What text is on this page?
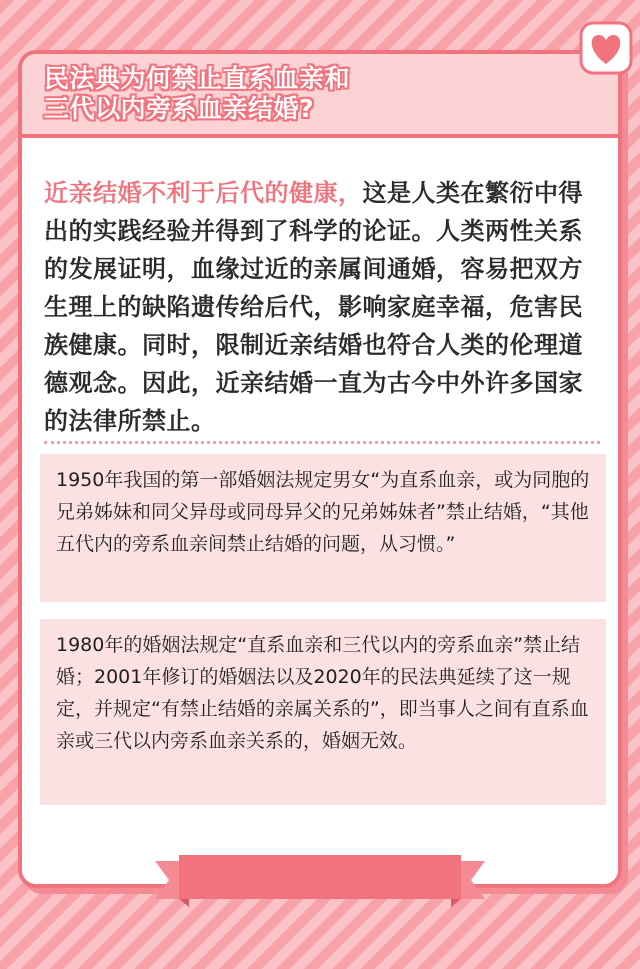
民法典为何禁止直系血亲和
三代以内旁系血亲结婚?

近亲结婚不利于后代的健康，这是人类在繁衍中得出的实践经验并得到了科学的论证。人类两性关系的发展证明，血缘过近的亲属间通婚，容易把双方生理上的缺陷遗传给后代，影响家庭幸福，危害民族健康。同时，限制近亲结婚也符合人类的伦理道德观念。因此，近亲结婚一直为古今中外许多国家的法律所禁止。

1950年我国的第一部婚姻法规定男女“为直系血亲，或为同胞的兄弟姊妹和同父异母或同母异父的兄弟姊妹者”禁止结婚，“其他五代内的旁系血亲间禁止结婚的问题，从习惯。”

1980年的婚姻法规定“直系血亲和三代以内的旁系血亲”禁止结婚；2001年修订的婚姻法以及2020年的民法典延续了这一规定，并规定“有禁止结婚的亲属关系的”，即当事人之间有直系血亲或三代以内旁系血亲关系的，婚姻无效。
